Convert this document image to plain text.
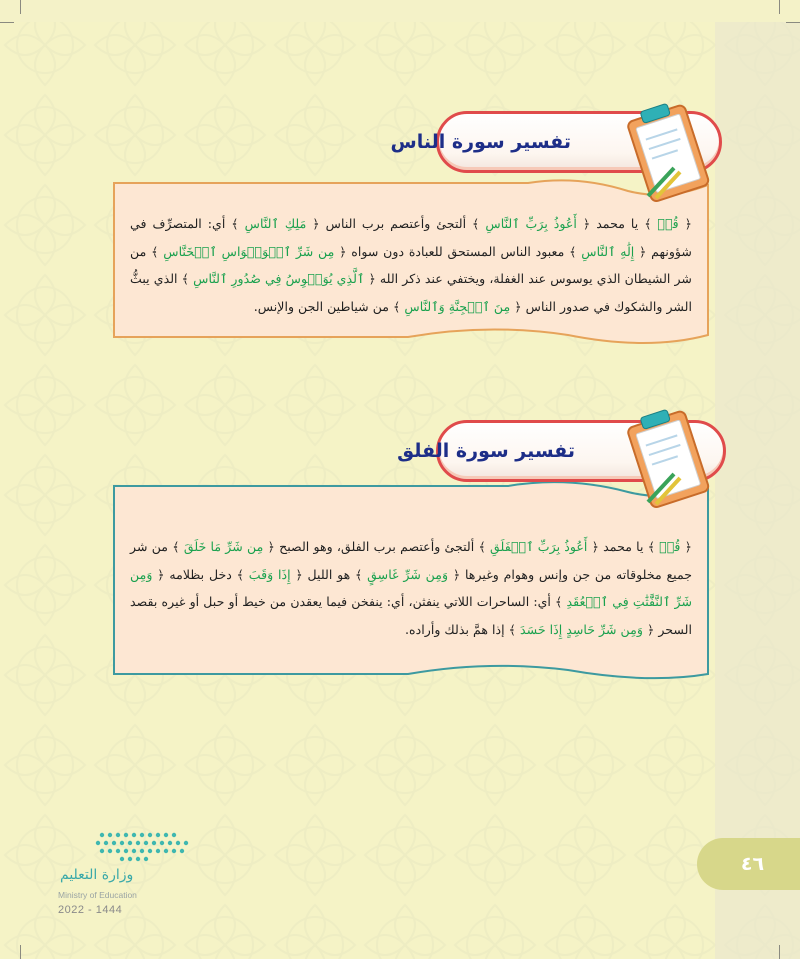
تفسير سورة الناس

﴿ قُلۡ ﴾ يا محمد ﴿ أَعُوذُ بِرَبِّ ٱلنَّاسِ ﴾ ألتجئ وأعتصم برب الناس ﴿ مَلِكِ ٱلنَّاسِ ﴾ أي: المتصرِّف في شؤونهم ﴿ إِلَٰهِ ٱلنَّاسِ ﴾ معبود الناس المستحق للعبادة دون سواه ﴿ مِن شَرِّ ٱلۡوَسۡوَاسِ ٱلۡخَنَّاسِ ﴾ من شر الشيطان الذي يوسوس عند الغفلة، ويختفي عند ذكر الله ﴿ ٱلَّذِي يُوَسۡوِسُ فِي صُدُورِ ٱلنَّاسِ ﴾ الذي يبثُّ الشر والشكوك في صدور الناس ﴿ مِنَ ٱلۡجِنَّةِ وَٱلنَّاسِ ﴾ من شياطين الجن والإنس.

تفسير سورة الفلق

﴿ قُلۡ ﴾ يا محمد ﴿ أَعُوذُ بِرَبِّ ٱلۡفَلَقِ ﴾ ألتجئ وأعتصم برب الفلق، وهو الصبح ﴿ مِن شَرِّ مَا خَلَقَ ﴾ من شر جميع مخلوقاته من جن وإنس وهوام وغيرها ﴿ وَمِن شَرِّ غَاسِقٍ ﴾ هو الليل ﴿ إِذَا وَقَبَ ﴾ دخل بظلامه ﴿ وَمِن شَرِّ ٱلنَّفَّٰثَٰتِ فِي ٱلۡعُقَدِ ﴾ أي: الساحرات اللاتي ينفثن، أي: ينفخن فيما يعقدن من خيط أو حبل أو غيره بقصد السحر ﴿ وَمِن شَرِّ حَاسِدٍ إِذَا حَسَدَ ﴾ إذا همَّ بذلك وأراده.

وزارة التعليم
Ministry of Education
2022 - 1444
٤٦
